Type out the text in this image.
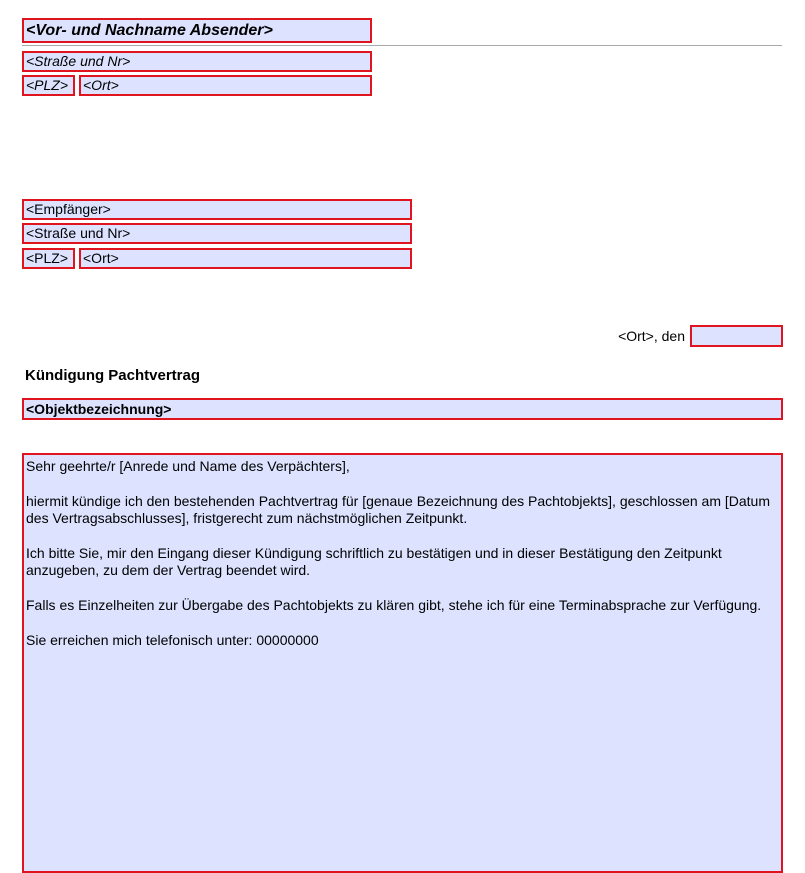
<Vor- und Nachname Absender>
<Straße und Nr>
<PLZ>	<Ort>
<Empfänger>
<Straße und Nr>
<PLZ>	<Ort>
<Ort>, den
Kündigung Pachtvertrag
<Objektbezeichnung>

Sehr geehrte/r [Anrede und Name des Verpächters],

hiermit kündige ich den bestehenden Pachtvertrag für [genaue Bezeichnung des Pachtobjekts], geschlossen am [Datum des Vertragsabschlusses], fristgerecht zum nächstmöglichen Zeitpunkt.

Ich bitte Sie, mir den Eingang dieser Kündigung schriftlich zu bestätigen und in dieser Bestätigung den Zeitpunkt anzugeben, zu dem der Vertrag beendet wird.

Falls es Einzelheiten zur Übergabe des Pachtobjekts zu klären gibt, stehe ich für eine Terminabsprache zur Verfügung.

Sie erreichen mich telefonisch unter: 00000000
